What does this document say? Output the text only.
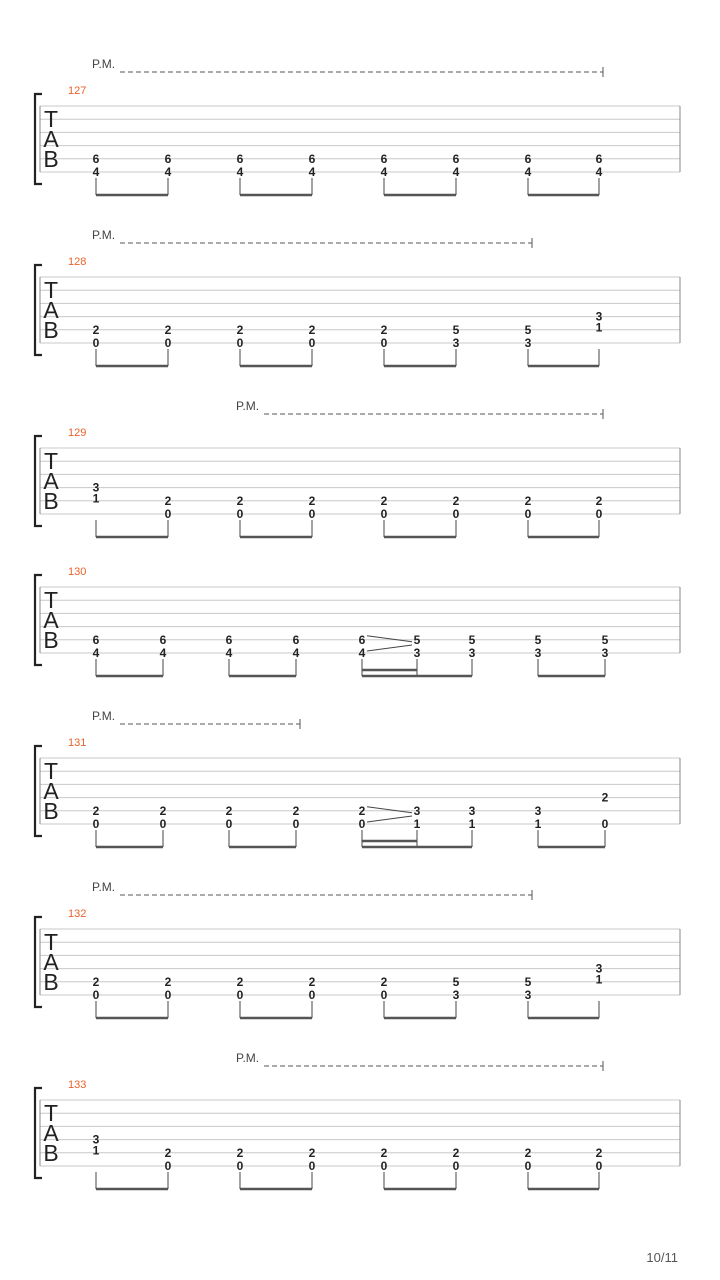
T
A
B
127
P.M.
6
4
6
4
6
4
6
4
6
4
6
4
6
4
6
4
T
A
B
128
P.M.
2
0
2
0
2
0
2
0
2
0
5
3
5
3
3
1
T
A
B
129
P.M.
3
1	2
0
2
0
2
0
2
0
2
0
2
0
2
0
T
A
B
130
6
4
6
4
6
4
6
4
6
4
5
3
5
3
5
3
5
3
T
A
B
131
P.M.
2
0
2
0
2
0
2
0
2
0
3
1
3
1
3
1
2
0
T
A
B
132
P.M.
2
0
2
0
2
0
2
0
2
0
5
3
5
3
3
1
T
A
B
133
P.M.
3
1	2
0
2
0
2
0
2
0
2
0
2
0
2
0
10/11
